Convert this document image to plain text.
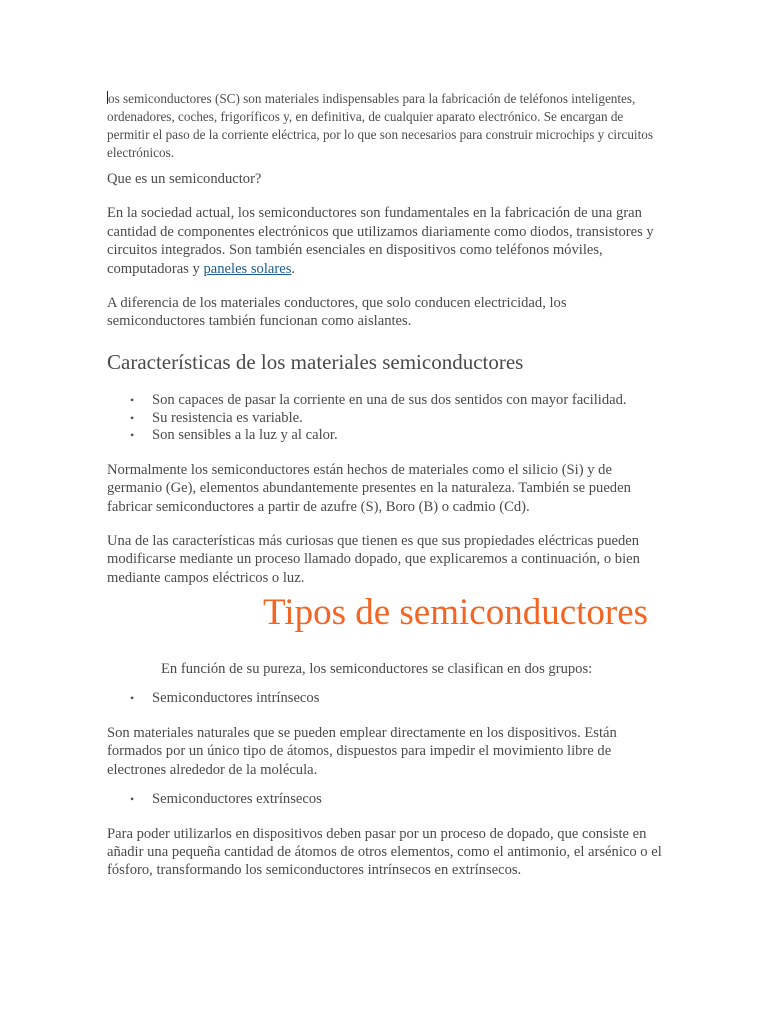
os semiconductores (SC) son materiales indispensables para la fabricación de teléfonos inteligentes, ordenadores, coches, frigoríficos y, en definitiva, de cualquier aparato electrónico. Se encargan de permitir el paso de la corriente eléctrica, por lo que son necesarios para construir microchips y circuitos electrónicos.

Que es un semiconductor?

En la sociedad actual, los semiconductores son fundamentales en la fabricación de una gran cantidad de componentes electrónicos que utilizamos diariamente como diodos, transistores y circuitos integrados. Son también esenciales en dispositivos como teléfonos móviles, computadoras y paneles solares.

A diferencia de los materiales conductores, que solo conducen electricidad, los semiconductores también funcionan como aislantes.

Características de los materiales semiconductores
• Son capaces de pasar la corriente en una de sus dos sentidos con mayor facilidad.
• Su resistencia es variable.
• Son sensibles a la luz y al calor.

Normalmente los semiconductores están hechos de materiales como el silicio (Si) y de germanio (Ge), elementos abundantemente presentes en la naturaleza. También se pueden fabricar semiconductores a partir de azufre (S), Boro (B) o cadmio (Cd).

Una de las características más curiosas que tienen es que sus propiedades eléctricas pueden modificarse mediante un proceso llamado dopado, que explicaremos a continuación, o bien mediante campos eléctricos o luz.

Tipos de semiconductores

En función de su pureza, los semiconductores se clasifican en dos grupos:

• Semiconductores intrínsecos

Son materiales naturales que se pueden emplear directamente en los dispositivos. Están formados por un único tipo de átomos, dispuestos para impedir el movimiento libre de electrones alrededor de la molécula.

• Semiconductores extrínsecos

Para poder utilizarlos en dispositivos deben pasar por un proceso de dopado, que consiste en añadir una pequeña cantidad de átomos de otros elementos, como el antimonio, el arsénico o el fósforo, transformando los semiconductores intrínsecos en extrínsecos.
